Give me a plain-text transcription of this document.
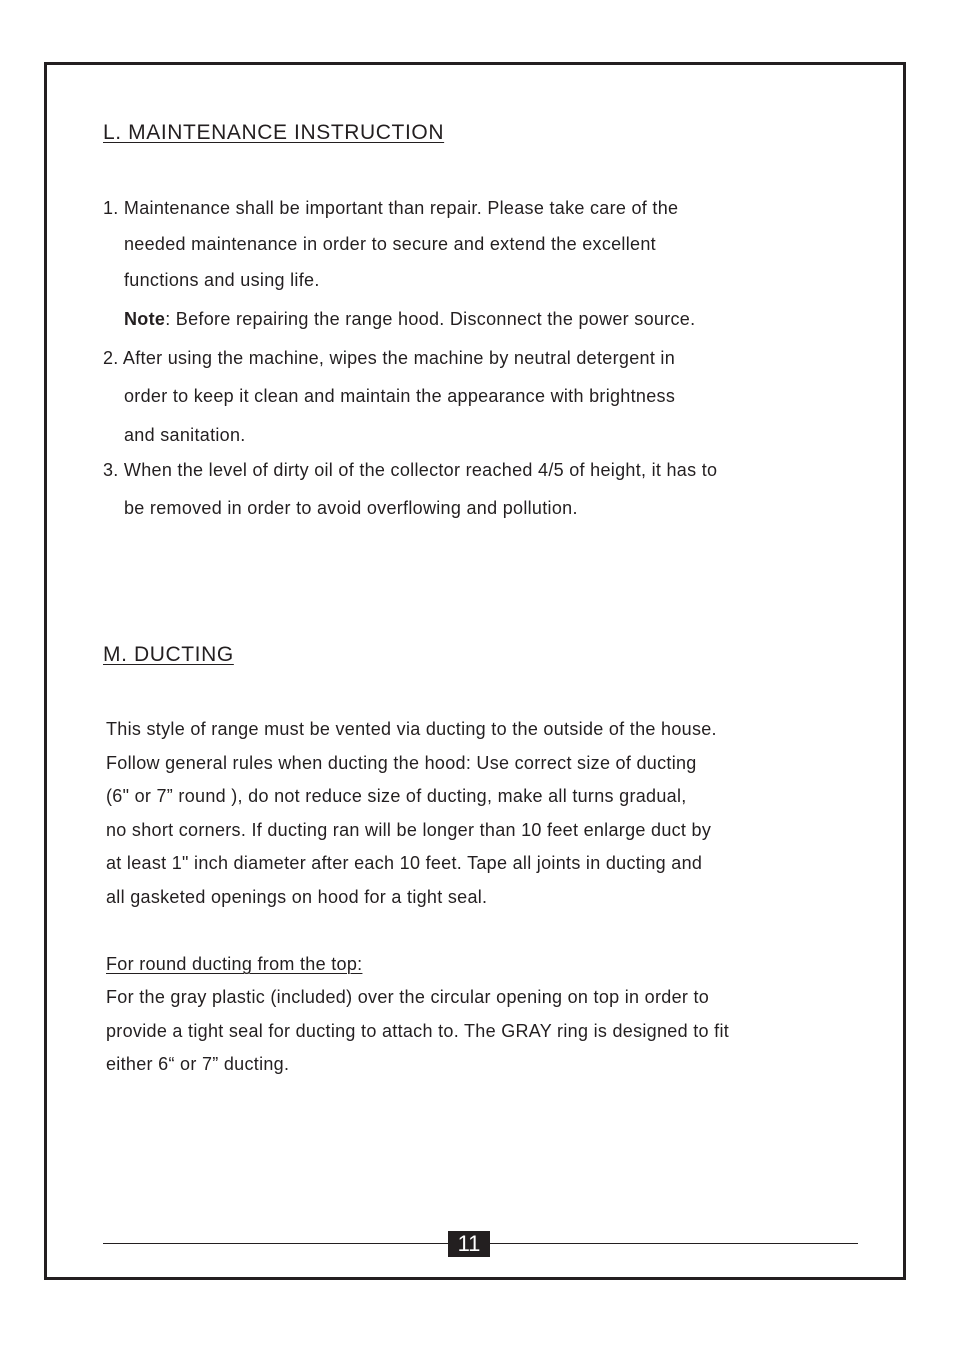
L. MAINTENANCE INSTRUCTION
1. Maintenance shall be important than repair. Please take care of the
needed maintenance in order to secure and extend the excellent
functions and using life.
Note: Before repairing the range hood. Disconnect the power source.
2. After using the machine, wipes the machine by neutral detergent in
order to keep it clean and maintain the appearance with brightness
and sanitation.
3. When the level of dirty oil of the collector reached 4/5 of height, it has to
be removed in order to avoid overflowing and pollution.
M. DUCTING
This style of range must be vented via ducting to the outside of the house.
Follow general rules when ducting the hood: Use correct size of ducting
(6" or 7” round ), do not reduce size of ducting, make all turns gradual,
no short corners. If ducting ran will be longer than 10 feet enlarge duct by
at least 1" inch diameter after each 10 feet. Tape all joints in ducting and
all gasketed openings on hood for a tight seal.
For round ducting from the top:
For the gray plastic (included) over the circular opening on top in order to
provide a tight seal for ducting to attach to. The GRAY ring is designed to fit
either 6“ or 7” ducting.
11
